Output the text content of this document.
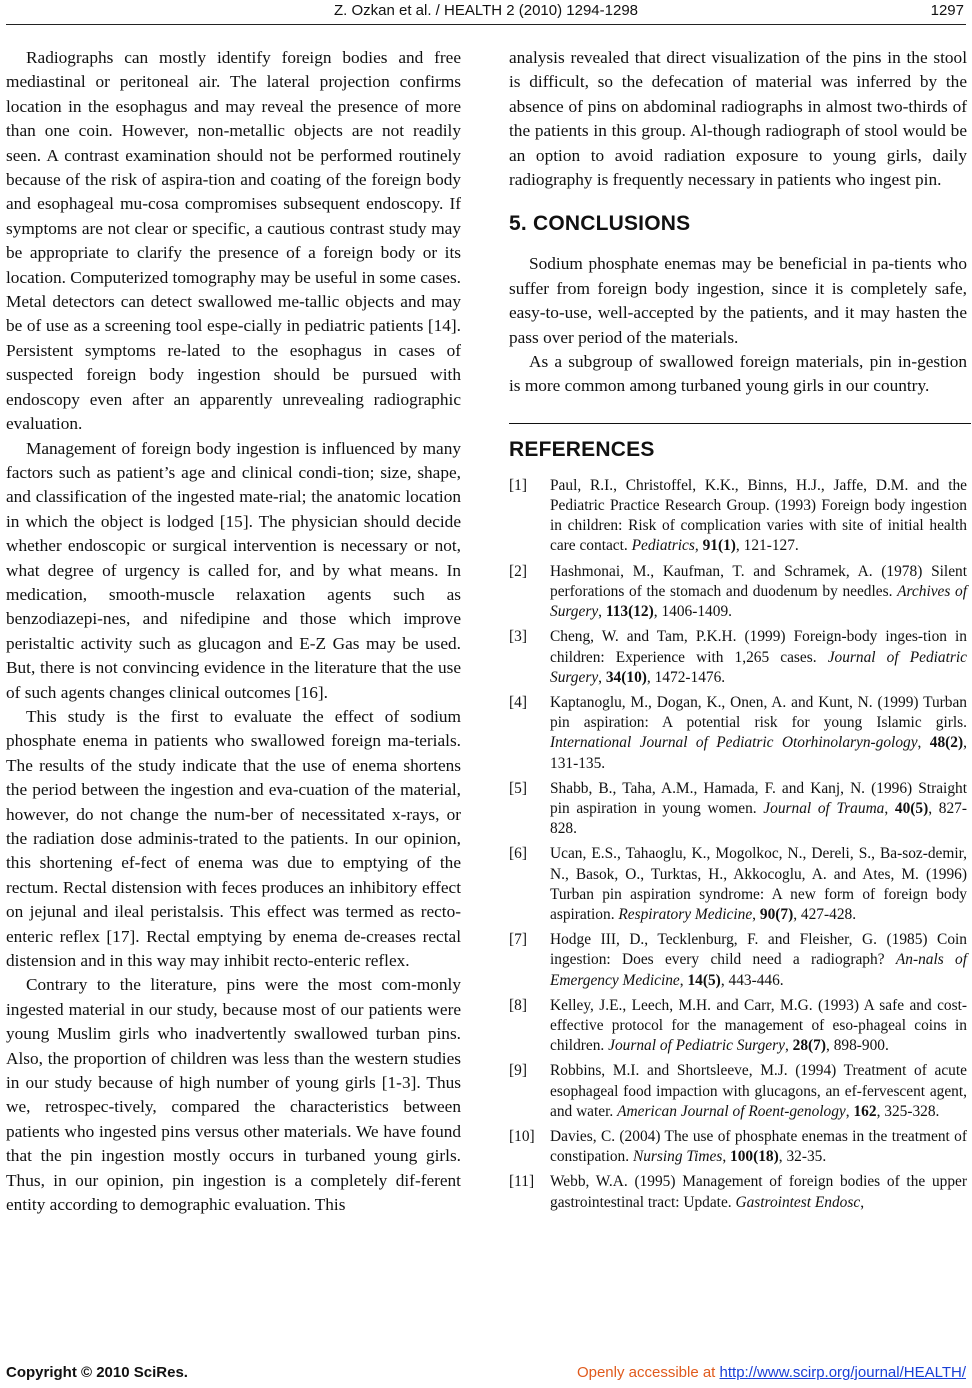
Z. Ozkan et al. / HEALTH 2 (2010) 1294-1298	1297

Radiographs can mostly identify foreign bodies and free mediastinal or peritoneal air. The lateral projection confirms location in the esophagus and may reveal the presence of more than one coin. However, non-metallic objects are not readily seen. A contrast examination should not be performed routinely because of the risk of aspira-tion and coating of the foreign body and esophageal mu-cosa compromises subsequent endoscopy. If symptoms are not clear or specific, a cautious contrast study may be appropriate to clarify the presence of a foreign body or its location. Computerized tomography may be useful in some cases. Metal detectors can detect swallowed me-tallic objects and may be of use as a screening tool espe-cially in pediatric patients [14]. Persistent symptoms re-lated to the esophagus in cases of suspected foreign body ingestion should be pursued with endoscopy even after an apparently unrevealing radiographic evaluation.

Management of foreign body ingestion is influenced by many factors such as patient’s age and clinical condi-tion; size, shape, and classification of the ingested mate-rial; the anatomic location in which the object is lodged [15]. The physician should decide whether endoscopic or surgical intervention is necessary or not, what degree of urgency is called for, and by what means. In medication, smooth-muscle relaxation agents such as benzodiazepi-nes, and nifedipine and those which improve peristaltic activity such as glucagon and E-Z Gas may be used. But, there is not convincing evidence in the literature that the use of such agents changes clinical outcomes [16].

This study is the first to evaluate the effect of sodium phosphate enema in patients who swallowed foreign ma-terials. The results of the study indicate that the use of enema shortens the period between the ingestion and eva-cuation of the material, however, do not change the num-ber of necessitated x-rays, or the radiation dose adminis-trated to the patients. In our opinion, this shortening ef-fect of enema was due to emptying of the rectum. Rectal distension with feces produces an inhibitory effect on jejunal and ileal peristalsis. This effect was termed as recto-enteric reflex [17]. Rectal emptying by enema de-creases rectal distension and in this way may inhibit recto-enteric reflex.

Contrary to the literature, pins were the most com-monly ingested material in our study, because most of our patients were young Muslim girls who inadvertently swallowed turban pins. Also, the proportion of children was less than the western studies in our study because of high number of young girls [1-3]. Thus we, retrospec-tively, compared the characteristics between patients who ingested pins versus other materials. We have found that the pin ingestion mostly occurs in turbaned young girls. Thus, in our opinion, pin ingestion is a completely dif-ferent entity according to demographic evaluation. This

analysis revealed that direct visualization of the pins in the stool is difficult, so the defecation of material was inferred by the absence of pins on abdominal radiographs in almost two-thirds of the patients in this group. Al-though radiograph of stool would be an option to avoid radiation exposure to young girls, daily radiography is frequently necessary in patients who ingest pin.

5. CONCLUSIONS

Sodium phosphate enemas may be beneficial in pa-tients who suffer from foreign body ingestion, since it is completely safe, easy-to-use, well-accepted by the patients, and it may hasten the pass over period of the materials.

As a subgroup of swallowed foreign materials, pin in-gestion is more common among turbaned young girls in our country.

REFERENCES
[1]	Paul, R.I., Christoffel, K.K., Binns, H.J., Jaffe, D.M. and the Pediatric Practice Research Group. (1993) Foreign body ingestion in children: Risk of complication varies with site of initial health care contact. Pediatrics, 91(1), 121-127.
[2]	Hashmonai, M., Kaufman, T. and Schramek, A. (1978) Silent perforations of the stomach and duodenum by needles. Archives of Surgery, 113(12), 1406-1409.
[3]	Cheng, W. and Tam, P.K.H. (1999) Foreign-body inges-tion in children: Experience with 1,265 cases. Journal of Pediatric Surgery, 34(10), 1472-1476.
[4]	Kaptanoglu, M., Dogan, K., Onen, A. and Kunt, N. (1999) Turban pin aspiration: A potential risk for young Islamic girls. International Journal of Pediatric Otorhinolaryn-gology, 48(2), 131-135.
[5]	Shabb, B., Taha, A.M., Hamada, F. and Kanj, N. (1996) Straight pin aspiration in young women. Journal of Trauma, 40(5), 827-828.
[6]	Ucan, E.S., Tahaoglu, K., Mogolkoc, N., Dereli, S., Ba-soz-demir, N., Basok, O., Turktas, H., Akkocoglu, A. and Ates, M. (1996) Turban pin aspiration syndrome: A new form of foreign body aspiration. Respiratory Medicine, 90(7), 427-428.
[7]	Hodge III, D., Tecklenburg, F. and Fleisher, G. (1985) Coin ingestion: Does every child need a radiograph? An-nals of Emergency Medicine, 14(5), 443-446.
[8]	Kelley, J.E., Leech, M.H. and Carr, M.G. (1993) A safe and cost-effective protocol for the management of eso-phageal coins in children. Journal of Pediatric Surgery, 28(7), 898-900.
[9]	Robbins, M.I. and Shortsleeve, M.J. (1994) Treatment of acute esophageal food impaction with glucagons, an ef-fervescent agent, and water. American Journal of Roent-genology, 162, 325-328.
[10] Davies, C. (2004) The use of phosphate enemas in the treatment of constipation. Nursing Times, 100(18), 32-35.
[11]	Webb, W.A. (1995) Management of foreign bodies of the upper gastrointestinal tract: Update. Gastrointest Endosc,
Copyright © 2010 SciRes.	Openly accessible at http://www.scirp.org/journal/HEALTH/
